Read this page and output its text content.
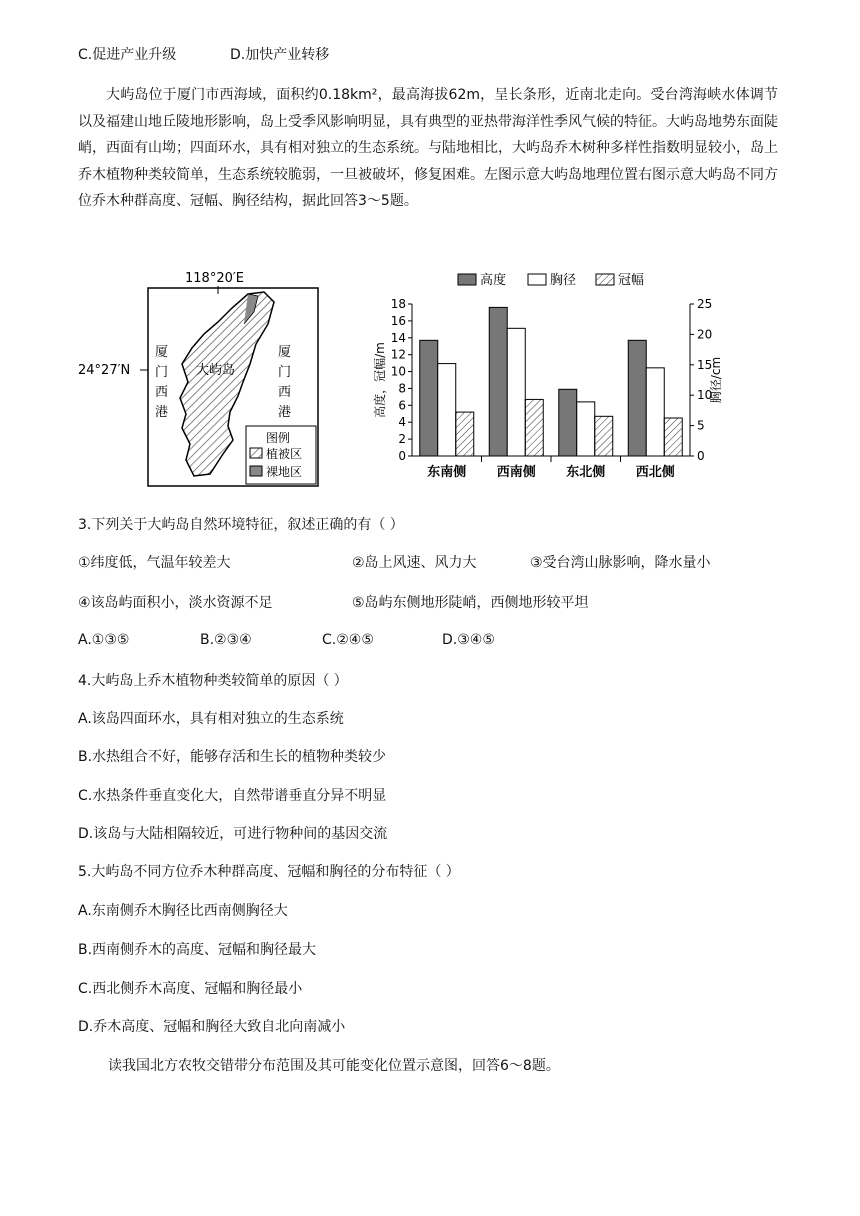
C.促进产业升级	D.加快产业转移
大屿岛位于厦门市西海域，面积约0.18km²，最高海拔62m，呈长条形，近南北走向。受台湾海峡水体调节以及福建山地丘陵地形影响，岛上受季风影响明显，具有典型的亚热带海洋性季风气候的特征。大屿岛地势东面陡峭，西面有山坳；四面环水，具有相对独立的生态系统。与陆地相比，大屿岛乔木树种多样性指数明显较小，岛上乔木植物种类较简单，生态系统较脆弱，一旦被破坏，修复困难。左图示意大屿岛地理位置右图示意大屿岛不同方位乔木种群高度、冠幅、胸径结构，据此回答3～5题。
118°20′E
24°27′N	大屿岛
厦
门
西
港
厦
门
西
港
图例
植被区
裸地区
高度	胸径	冠幅
0
2
4
6
8
10
12
14
16
18
0
5
10
15
20
25
高度，冠幅/m	胸径/cm
东南侧 西南侧 东北侧 西北侧
3.下列关于大屿岛自然环境特征，叙述正确的有（ ）
①纬度低，气温年较差大	②岛上风速、风力大	③受台湾山脉影响，降水量小
④该岛屿面积小，淡水资源不足	⑤岛屿东侧地形陡峭，西侧地形较平坦
A.①③⑤	B.②③④	C.②④⑤	D.③④⑤
4.大屿岛上乔木植物种类较简单的原因（ ）
A.该岛四面环水，具有相对独立的生态系统
B.水热组合不好，能够存活和生长的植物种类较少
C.水热条件垂直变化大，自然带谱垂直分异不明显
D.该岛与大陆相隔较近，可进行物种间的基因交流
5.大屿岛不同方位乔木种群高度、冠幅和胸径的分布特征（ ）
A.东南侧乔木胸径比西南侧胸径大
B.西南侧乔木的高度、冠幅和胸径最大
C.西北侧乔木高度、冠幅和胸径最小
D.乔木高度、冠幅和胸径大致自北向南减小
读我国北方农牧交错带分布范围及其可能变化位置示意图，回答6～8题。
